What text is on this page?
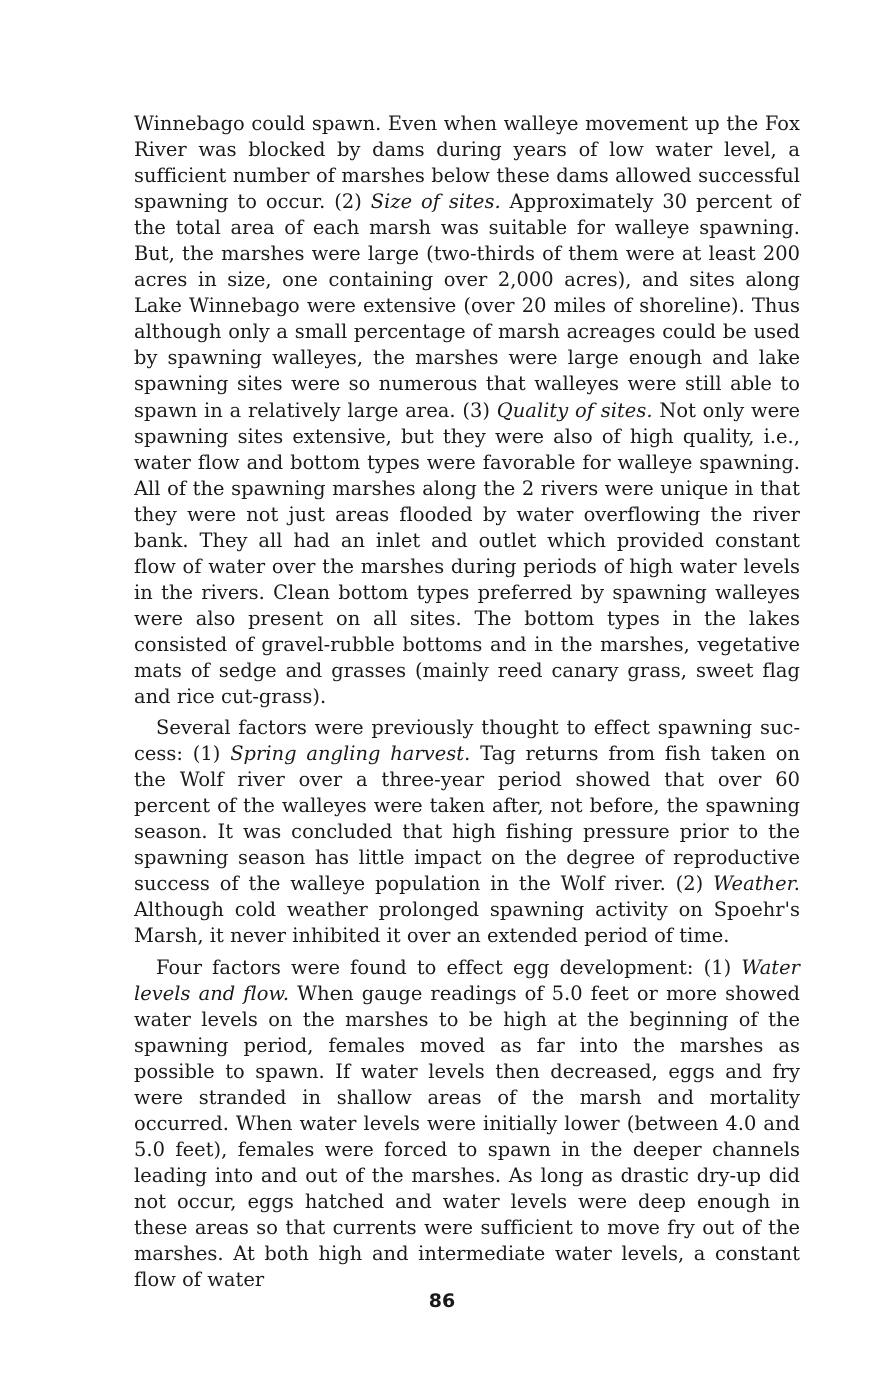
Winnebago could spawn. Even when walleye movement up the Fox River was blocked by dams during years of low water level, a sufficient number of marshes below these dams allowed successful spawning to occur. (2) Size of sites. Approximately 30 percent of the total area of each marsh was suitable for walleye spawning. But, the marshes were large (two-thirds of them were at least 200 acres in size, one containing over 2,000 acres), and sites along Lake Winnebago were extensive (over 20 miles of shoreline). Thus although only a small percentage of marsh acreages could be used by spawning walleyes, the marshes were large enough and lake spawning sites were so numerous that walleyes were still able to spawn in a relatively large area. (3) Quality of sites. Not only were spawning sites extensive, but they were also of high quality, i.e., water flow and bottom types were favorable for walleye spawning. All of the spawning marshes along the 2 rivers were unique in that they were not just areas flooded by water overflowing the river bank. They all had an inlet and outlet which provided constant flow of water over the marshes during periods of high water levels in the rivers. Clean bottom types preferred by spawning walleyes were also present on all sites. The bottom types in the lakes consisted of gravel-rubble bottoms and in the marshes, vegetative mats of sedge and grasses (mainly reed canary grass, sweet flag and rice cut-grass).

Several factors were previously thought to effect spawning success: (1) Spring angling harvest. Tag returns from fish taken on the Wolf river over a three-year period showed that over 60 percent of the walleyes were taken after, not before, the spawning season. It was concluded that high fishing pressure prior to the spawning season has little impact on the degree of reproductive success of the walleye population in the Wolf river. (2) Weather. Although cold weather prolonged spawning activity on Spoehr's Marsh, it never inhibited it over an extended period of time.

Four factors were found to effect egg development: (1) Water levels and flow. When gauge readings of 5.0 feet or more showed water levels on the marshes to be high at the beginning of the spawning period, females moved as far into the marshes as possible to spawn. If water levels then decreased, eggs and fry were stranded in shallow areas of the marsh and mortality occurred. When water levels were initially lower (between 4.0 and 5.0 feet), females were forced to spawn in the deeper channels leading into and out of the marshes. As long as drastic dry-up did not occur, eggs hatched and water levels were deep enough in these areas so that currents were sufficient to move fry out of the marshes. At both high and intermediate water levels, a constant flow of water

86
